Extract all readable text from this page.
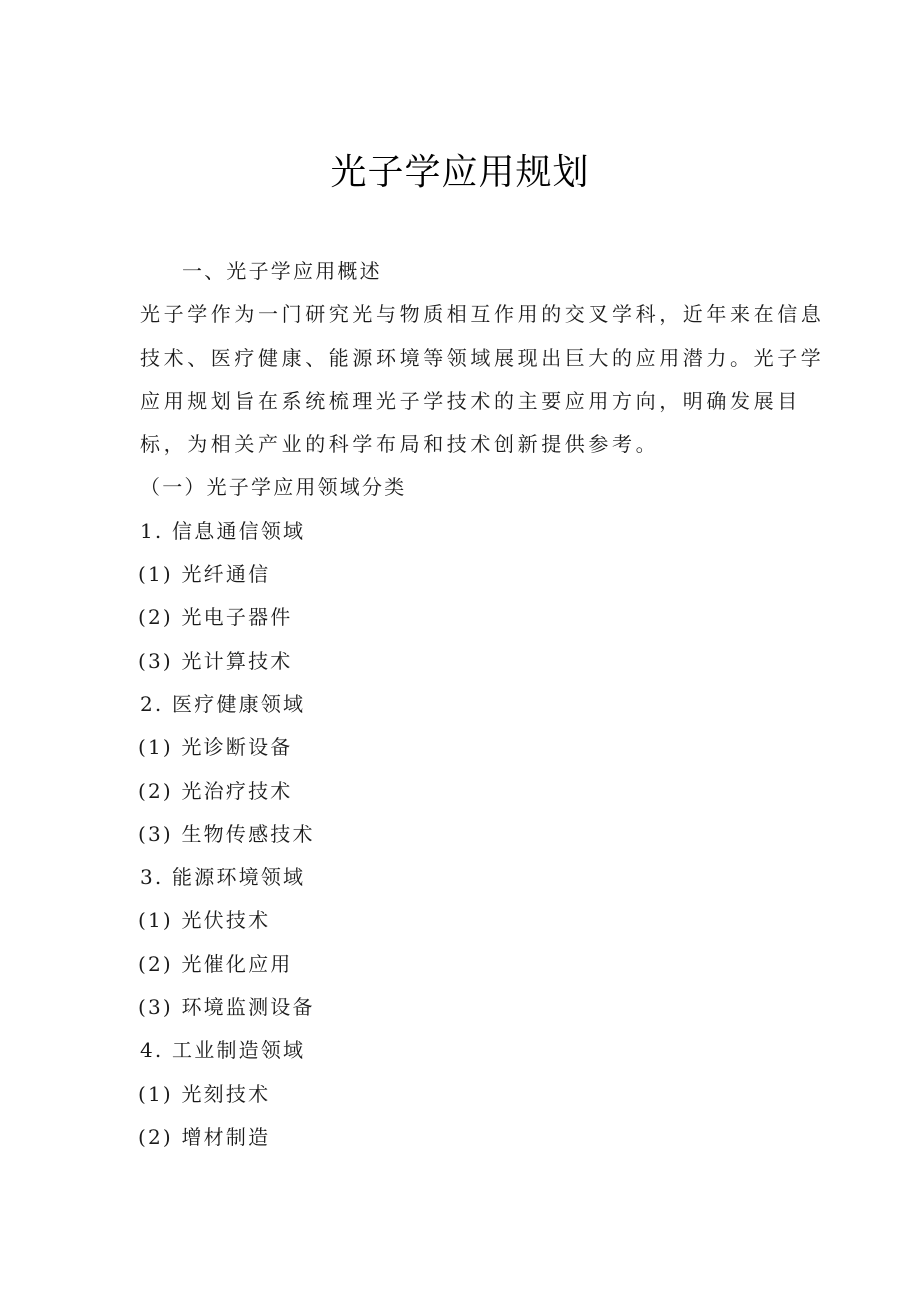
光子学应用规划
一、光子学应用概述
光子学作为一门研究光与物质相互作用的交叉学科，近年来在信息
技术、医疗健康、能源环境等领域展现出巨大的应用潜力。光子学
应用规划旨在系统梳理光子学技术的主要应用方向，明确发展目
标，为相关产业的科学布局和技术创新提供参考。
（一）光子学应用领域分类
1. 信息通信领域
(1) 光纤通信
(2) 光电子器件
(3) 光计算技术
2. 医疗健康领域
(1) 光诊断设备
(2) 光治疗技术
(3) 生物传感技术
3. 能源环境领域
(1) 光伏技术
(2) 光催化应用
(3) 环境监测设备
4. 工业制造领域
(1) 光刻技术
(2) 增材制造
